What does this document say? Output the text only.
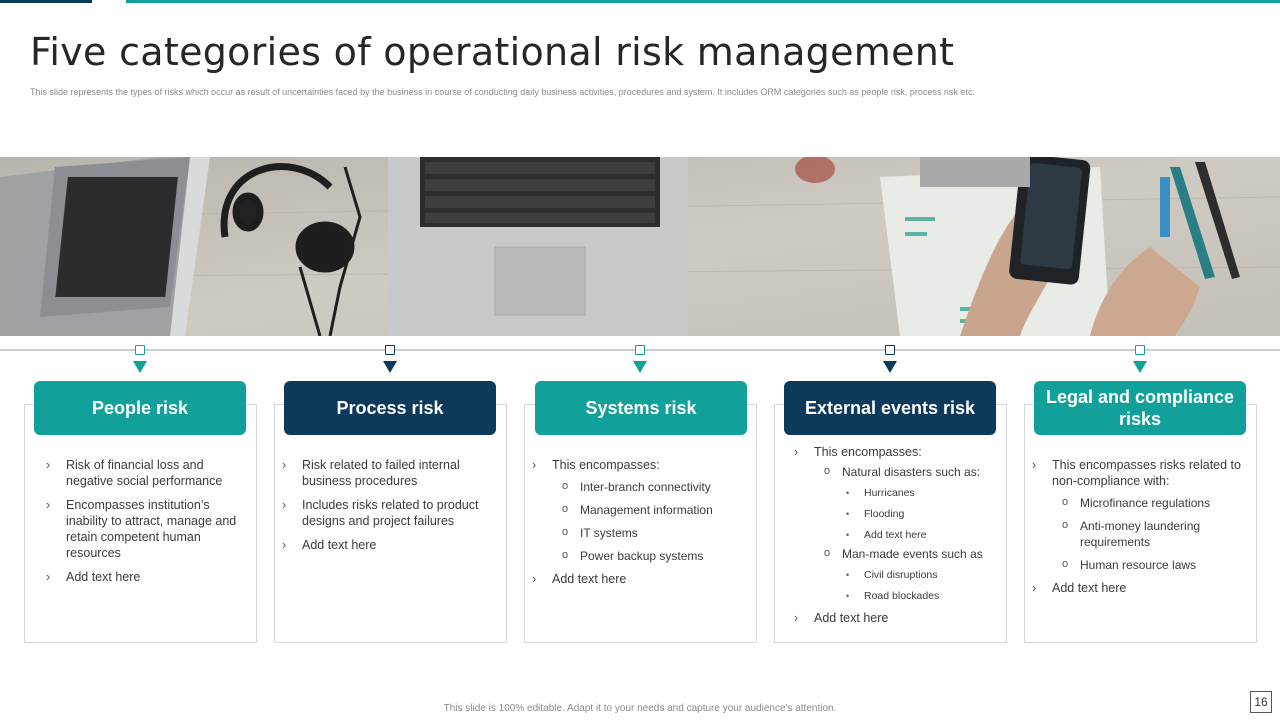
Five categories of operational risk management

This slide represents the types of risks which occur as result of uncertainties faced by the business in course of conducting daily business activities, procedures and system. It includes ORM categories such as people risk, process risk etc.

People risk
› Risk of financial loss and negative social performance
› Encompasses institution’s inability to attract, manage and retain competent human resources
› Add text here
Process risk
› Risk related to failed internal business procedures
› Includes risks related to product designs and project failures
› Add text here
Systems risk
› This encompasses:
o Inter-branch connectivity
o Management information
o IT systems
o Power backup systems
› Add text here
External events risk
› This encompasses:
o Natural disasters such as:
• Hurricanes
• Flooding
• Add text here
o Man-made events such as
• Civil disruptions
• Road blockades
› Add text here
Legal and compliance risks
› This encompasses risks related to non-compliance with:
o Microfinance regulations
o Anti-money laundering requirements
o Human resource laws
› Add text here
This slide is 100% editable. Adapt it to your needs and capture your audience's attention.	16
